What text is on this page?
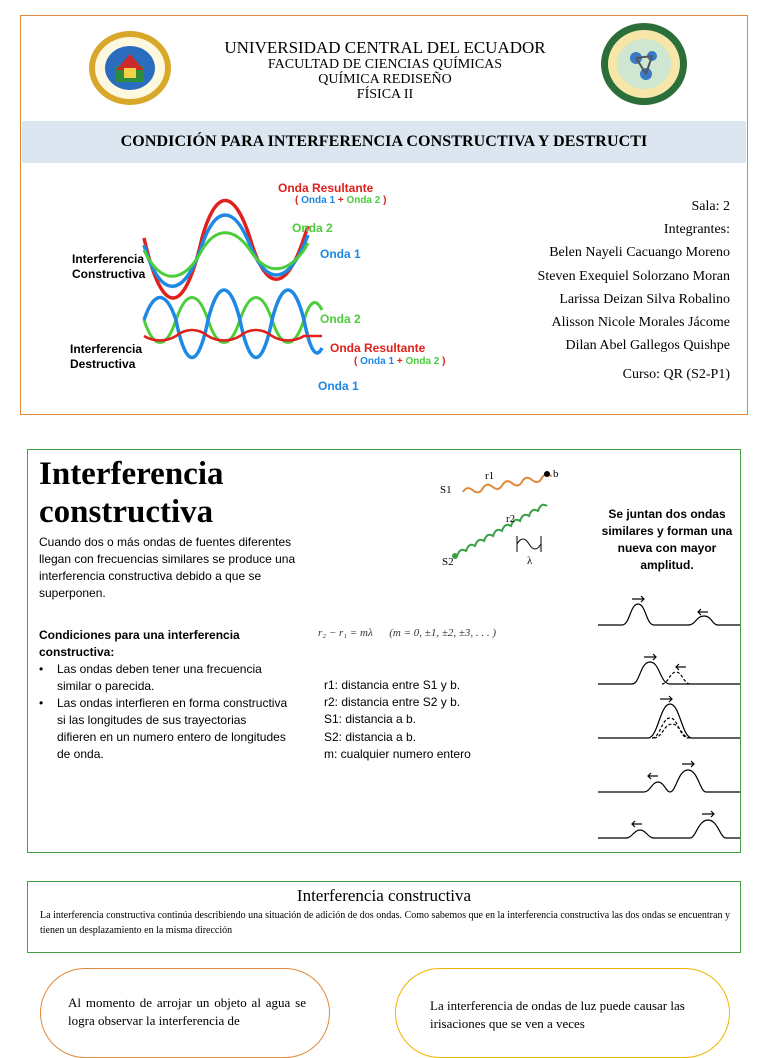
UNIVERSIDAD CENTRAL DEL ECUADOR
FACULTAD DE CIENCIAS QUÍMICAS
QUÍMICA REDISEÑO
FÍSICA II
CONDICIÓN PARA INTERFERENCIA CONSTRUCTIVA Y DESTRUCTI
Interferencia
Constructiva
Interferencia
Destructiva
Onda Resultante
( Onda 1 + Onda 2 )
Onda 2
Onda 1
Onda 2
Onda Resultante
( Onda 1 + Onda 2 )
Onda 1
Sala: 2
Integrantes:
Belen Nayeli Cacuango Moreno
Steven Exequiel Solorzano Moran
Larissa Deizan Silva Robalino
Alisson Nicole Morales Jácome
Dilan Abel Gallegos Quishpe
Curso: QR (S2-P1)
Interferencia
constructiva
Cuando dos o más ondas de fuentes diferentes llegan con frecuencias similares se produce una interferencia constructiva debido a que se superponen.
Condiciones para una interferencia constructiva:
•	Las ondas deben tener una frecuencia similar o parecida.
•	Las ondas interfieren en forma constructiva si las longitudes de sus trayectorias difieren en un numero entero de longitudes de onda.
S1
r1	b
r2
S2	λ
r₂ − r₁ = mλ      (m = 0, ±1, ±2, ±3, . . . )
r1: distancia entre S1 y b.
r2: distancia entre S2 y b.
S1: distancia a b.
S2: distancia a b.
m: cualquier numero entero
Se juntan dos ondas similares y forman una nueva con mayor amplitud.
Interferencia constructiva
La interferencia constructiva continúa describiendo una situación de adición de dos ondas. Como sabemos que en la interferencia constructiva las dos ondas se encuentran y tienen un desplazamiento en la misma dirección
Al momento de arrojar un objeto al agua se logra observar la interferencia de
La interferencia de ondas de luz puede causar las irisaciones que se ven a veces
